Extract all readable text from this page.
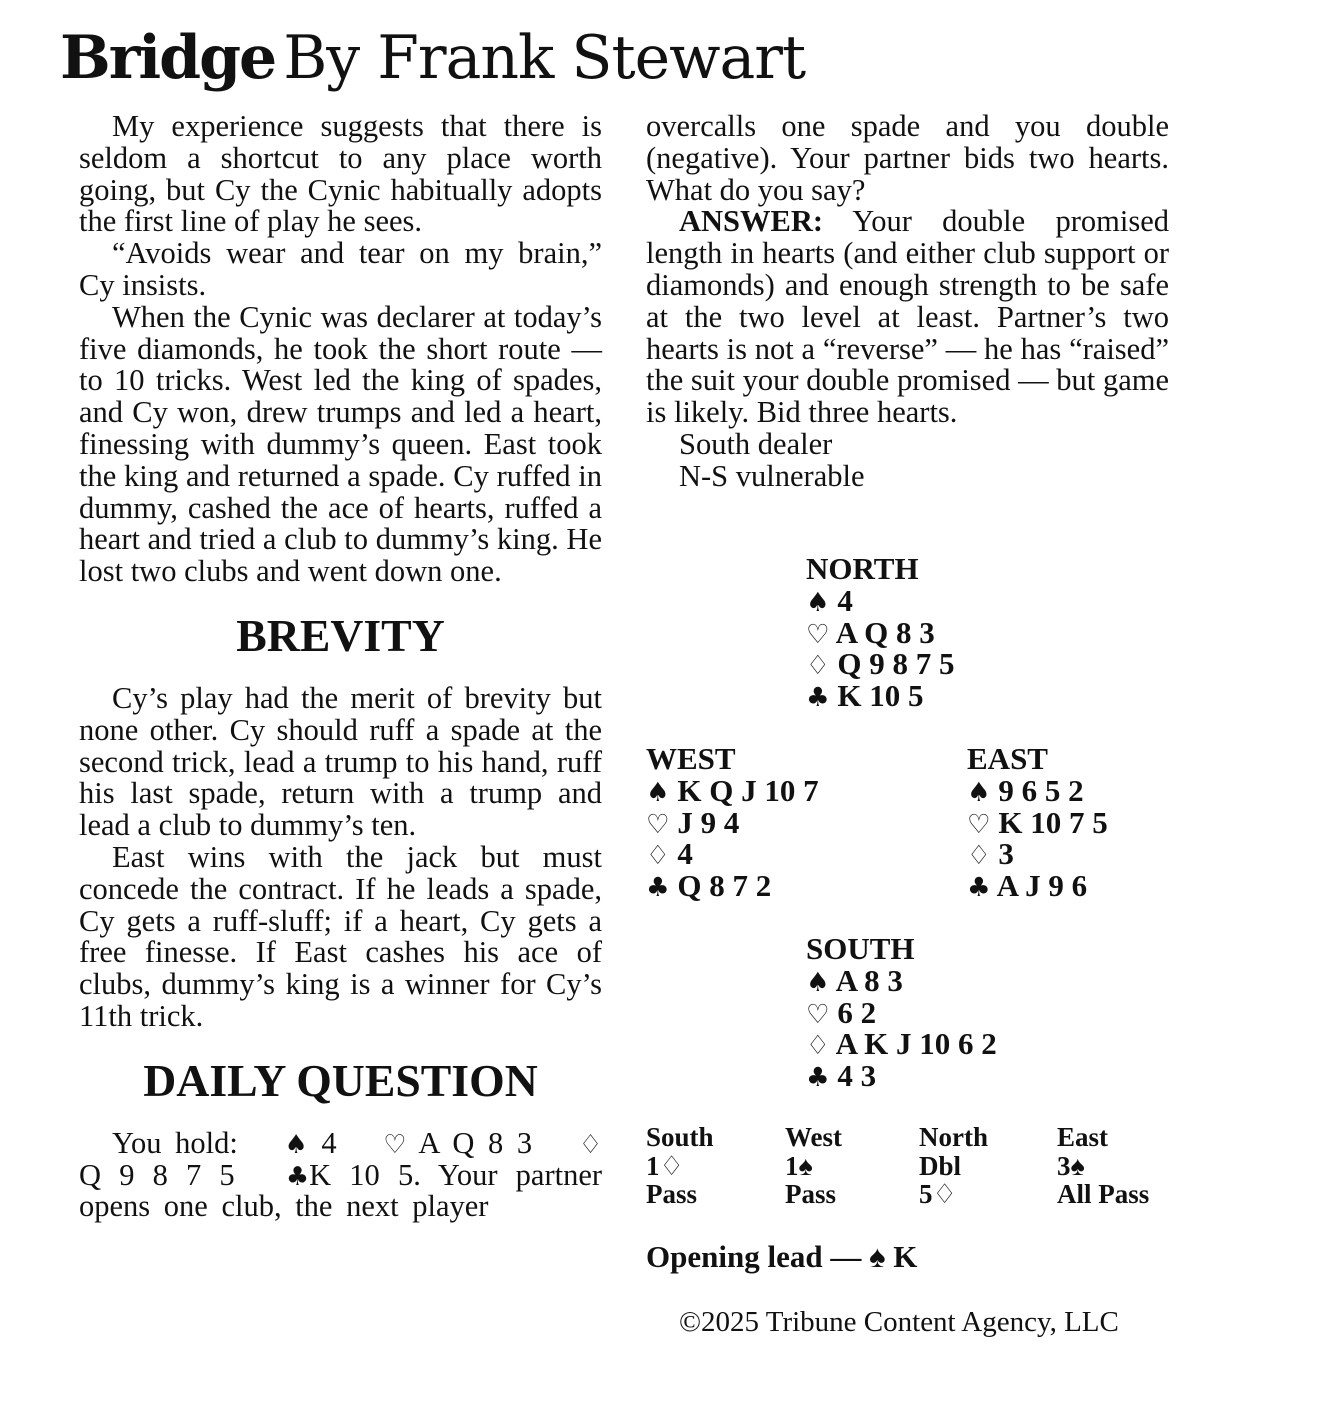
Bridge By Frank Stewart

My experience suggests that there is seldom a shortcut to any place worth going, but Cy the Cynic habitually adopts the first line of play he sees.

“Avoids wear and tear on my brain,” Cy insists.

When the Cynic was declarer at today’s five diamonds, he took the short route — to 10 tricks. West led the king of spades, and Cy won, drew trumps and led a heart, finessing with dummy’s queen. East took the king and returned a spade. Cy ruffed in dummy, cashed the ace of hearts, ruffed a heart and tried a club to dummy’s king. He lost two clubs and went down one.

BREVITY

Cy’s play had the merit of brevity but none other. Cy should ruff a spade at the second trick, lead a trump to his hand, ruff his last spade, return with a trump and lead a club to dummy’s ten.

East wins with the jack but must concede the contract. If he leads a spade, Cy gets a ruff-sluff; if a heart, Cy gets a free finesse. If East cashes his ace of clubs, dummy’s king is a winner for Cy’s 11th trick.

DAILY QUESTION

You hold: ♠ 4 ♡ A Q 8 3 ♢Q 9 8 7 5 ♣K 10 5. Your partner opens one club, the next player

overcalls one spade and you double (negative). Your partner bids two hearts. What do you say?

ANSWER: Your double promised length in hearts (and either club support or diamonds) and enough strength to be safe at the two level at least. Partner’s two hearts is not a “reverse” — he has “raised” the suit your double promised — but game is likely. Bid three hearts.

South dealer

N-S vulnerable

NORTH

♠ 4

♡ A Q 8 3

♢ Q 9 8 7 5

♣ K 10 5

WEST

♠ K Q J 10 7

♡ J 9 4

♢ 4

♣ Q 8 7 2

EAST

♠ 9 6 5 2

♡ K 10 7 5

♢ 3

♣ A J 9 6

SOUTH

♠ A 8 3

♡ 6 2

♢ A K J 10 6 2

♣ 4 3

South	West	North	East
1♢	1♠	Dbl	3♠
Pass	Pass	5♢	All Pass

Opening lead — ♠ K

©2025 Tribune Content Agency, LLC
